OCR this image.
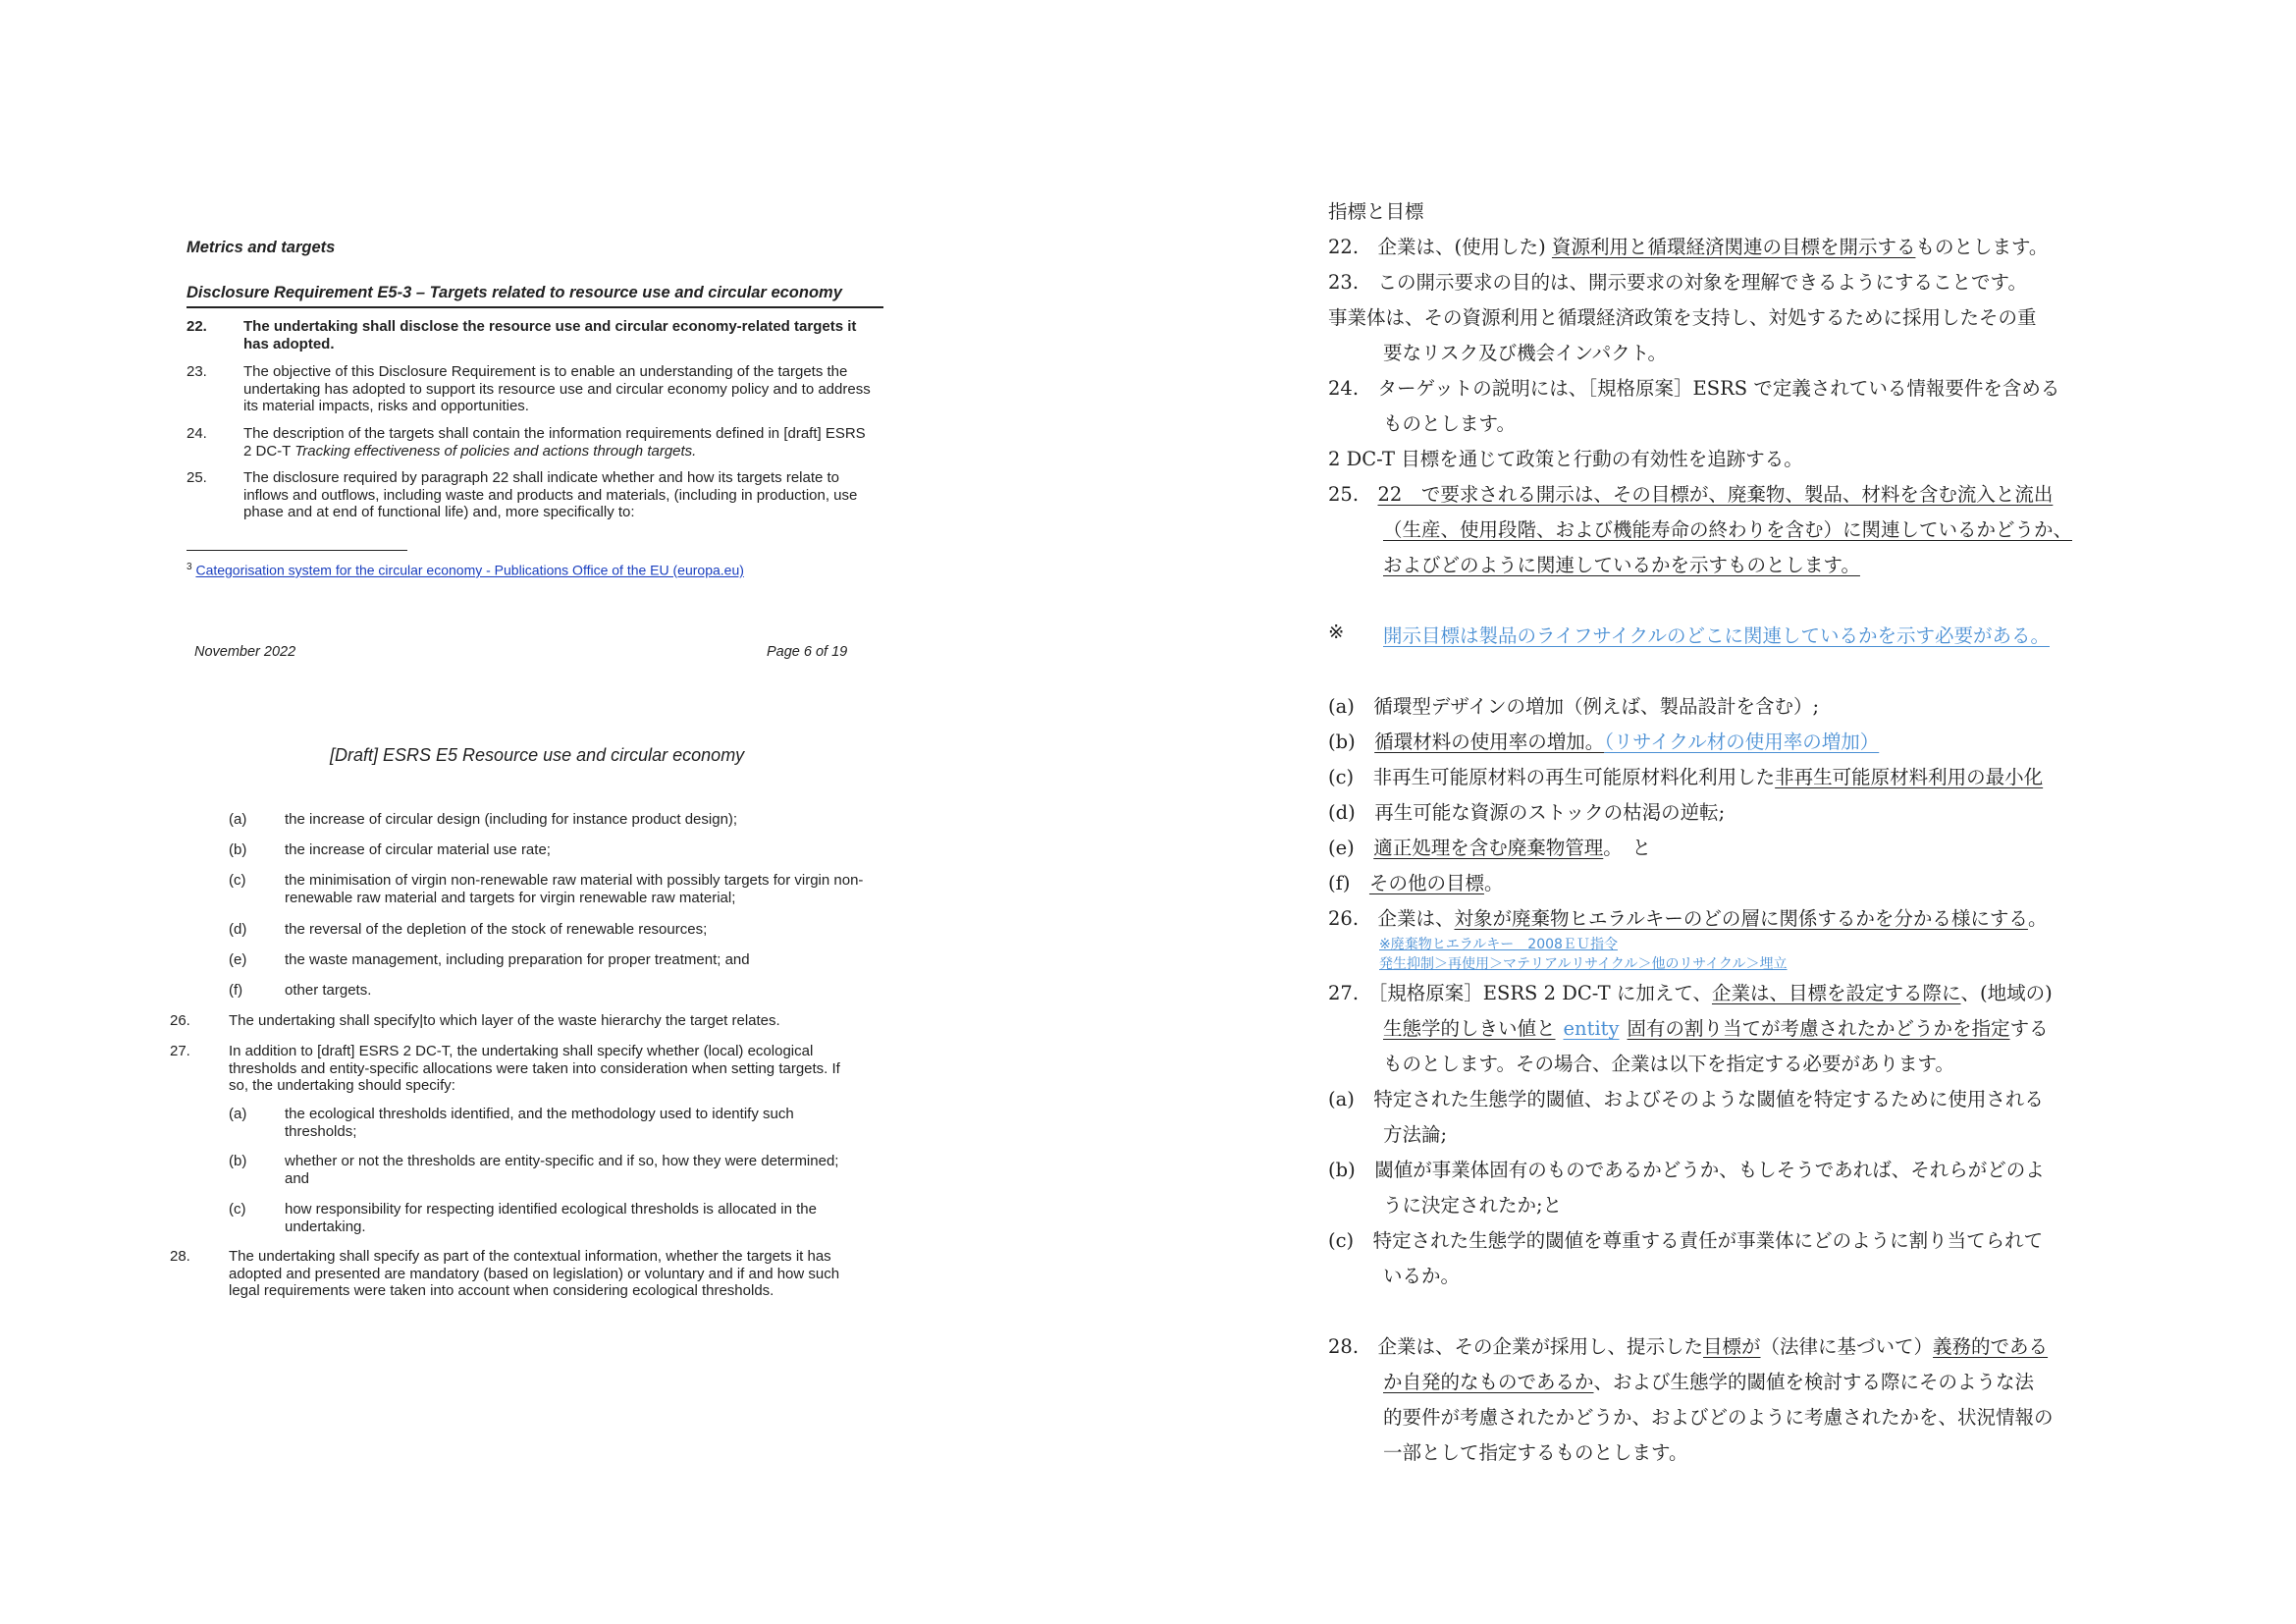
Metrics and targets
Disclosure Requirement E5-3 – Targets related to resource use and circular economy
22. The undertaking shall disclose the resource use and circular economy-related targets it
has adopted.
23. The objective of this Disclosure Requirement is to enable an understanding of the targets the
undertaking has adopted to support its resource use and circular economy policy and to address
its material impacts, risks and opportunities.
24. The description of the targets shall contain the information requirements defined in [draft] ESRS
2 DC-T Tracking effectiveness of policies and actions through targets.
25. The disclosure required by paragraph 22 shall indicate whether and how its targets relate to
inflows and outflows, including waste and products and materials, (including in production, use
phase and at end of functional life) and, more specifically to:
$^3$ Categorisation system for the circular economy - Publications Office of the EU (europa.eu)
November 2022	Page 6 of 19
[Draft] ESRS E5 Resource use and circular economy
(a)	the increase of circular design (including for instance product design);
(b)	the increase of circular material use rate;
(c)	the minimisation of virgin non-renewable raw material with possibly targets for virgin non-
renewable raw material and targets for virgin renewable raw material;
(d)	the reversal of the depletion of the stock of renewable resources;
(e)	the waste management, including preparation for proper treatment; and
(f)	other targets.
26.	The undertaking shall specify|to which layer of the waste hierarchy the target relates.
27.	In addition to [draft] ESRS 2 DC-T, the undertaking shall specify whether (local) ecological
thresholds and entity-specific allocations were taken into consideration when setting targets. If
so, the undertaking should specify:
(a)	the ecological thresholds identified, and the methodology used to identify such
thresholds;
(b)	whether or not the thresholds are entity-specific and if so, how they were determined;
and
(c)	how responsibility for respecting identified ecological thresholds is allocated in the
undertaking.
28.	The undertaking shall specify as part of the contextual information, whether the targets it has
adopted and presented are mandatory (based on legislation) or voluntary and if and how such
legal requirements were taken into account when considering ecological thresholds.
指標と目標
22.　企業は、(使用した) 資源利用と循環経済関連の目標を開示するものとします。
23.　この開示要求の目的は、開示要求の対象を理解できるようにすることです。
事業体は、その資源利用と循環経済政策を支持し、対処するために採用したその重
要なリスク及び機会インパクト。
24.　ターゲットの説明には、［規格原案］ESRS で定義されている情報要件を含める
ものとします。
2 DC-T 目標を通じて政策と行動の有効性を追跡する。
25.　22　で要求される開示は、その目標が、廃棄物、製品、材料を含む流入と流出
（生産、使用段階、および機能寿命の終わりを含む）に関連しているかどうか、
およびどのように関連しているかを示すものとします。
※ 開示目標は製品のライフサイクルのどこに関連しているかを示す必要がある。
(a)　循環型デザインの増加（例えば、製品設計を含む）;
(b)　循環材料の使用率の増加。（リサイクル材の使用率の増加）
(c)　非再生可能原材料の再生可能原材料化利用した非再生可能原材料利用の最小化
(d)　再生可能な資源のストックの枯渇の逆転;
(e)　適正処理を含む廃棄物管理。　と
(f)　その他の目標。
26.　企業は、対象が廃棄物ヒエラルキーのどの層に関係するかを分かる様にする。
※廃棄物ヒエラルキー　2008ＥＵ指令
発生抑制＞再使用＞マテリアルリサイクル＞他のリサイクル＞埋立
27.　［規格原案］ESRS 2 DC-T に加えて、企業は、目標を設定する際に、(地域の)
生態学的しきい値と entity 固有の割り当てが考慮されたかどうかを指定する
ものとします。その場合、企業は以下を指定する必要があります。
(a)　特定された生態学的閾値、およびそのような閾値を特定するために使用される
方法論;
(b)　閾値が事業体固有のものであるかどうか、もしそうであれば、それらがどのよ
うに決定されたか;と
(c)　特定された生態学的閾値を尊重する責任が事業体にどのように割り当てられて
いるか。
28.　企業は、その企業が採用し、提示した目標が（法律に基づいて）義務的である
か自発的なものであるか、および生態学的閾値を検討する際にそのような法
的要件が考慮されたかどうか、およびどのように考慮されたかを、状況情報の
一部として指定するものとします。
